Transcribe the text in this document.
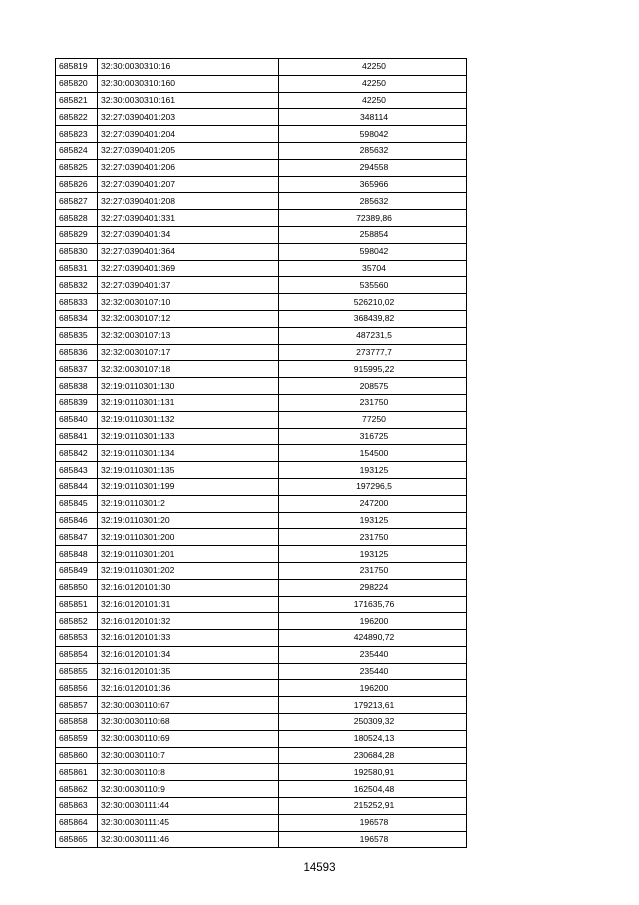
685819	32:30:0030310:16	42250
685820	32:30:0030310:160	42250
685821	32:30:0030310:161	42250
685822	32:27:0390401:203	348114
685823	32:27:0390401:204	598042
685824	32:27:0390401:205	285632
685825	32:27:0390401:206	294558
685826	32:27:0390401:207	365966
685827	32:27:0390401:208	285632
685828	32:27:0390401:331	72389,86
685829	32:27:0390401:34	258854
685830	32:27:0390401:364	598042
685831	32:27:0390401:369	35704
685832	32:27:0390401:37	535560
685833	32:32:0030107:10	526210,02
685834	32:32:0030107:12	368439,82
685835	32:32:0030107:13	487231,5
685836	32:32:0030107:17	273777,7
685837	32:32:0030107:18	915995,22
685838	32:19:0110301:130	208575
685839	32:19:0110301:131	231750
685840	32:19:0110301:132	77250
685841	32:19:0110301:133	316725
685842	32:19:0110301:134	154500
685843	32:19:0110301:135	193125
685844	32:19:0110301:199	197296,5
685845	32:19:0110301:2	247200
685846	32:19:0110301:20	193125
685847	32:19:0110301:200	231750
685848	32:19:0110301:201	193125
685849	32:19:0110301:202	231750
685850	32:16:0120101:30	298224
685851	32:16:0120101:31	171635,76
685852	32:16:0120101:32	196200
685853	32:16:0120101:33	424890,72
685854	32:16:0120101:34	235440
685855	32:16:0120101:35	235440
685856	32:16:0120101:36	196200
685857	32:30:0030110:67	179213,61
685858	32:30:0030110:68	250309,32
685859	32:30:0030110:69	180524,13
685860	32:30:0030110:7	230684,28
685861	32:30:0030110:8	192580,91
685862	32:30:0030110:9	162504,48
685863	32:30:0030111:44	215252,91
685864	32:30:0030111:45	196578
685865	32:30:0030111:46	196578
14593
